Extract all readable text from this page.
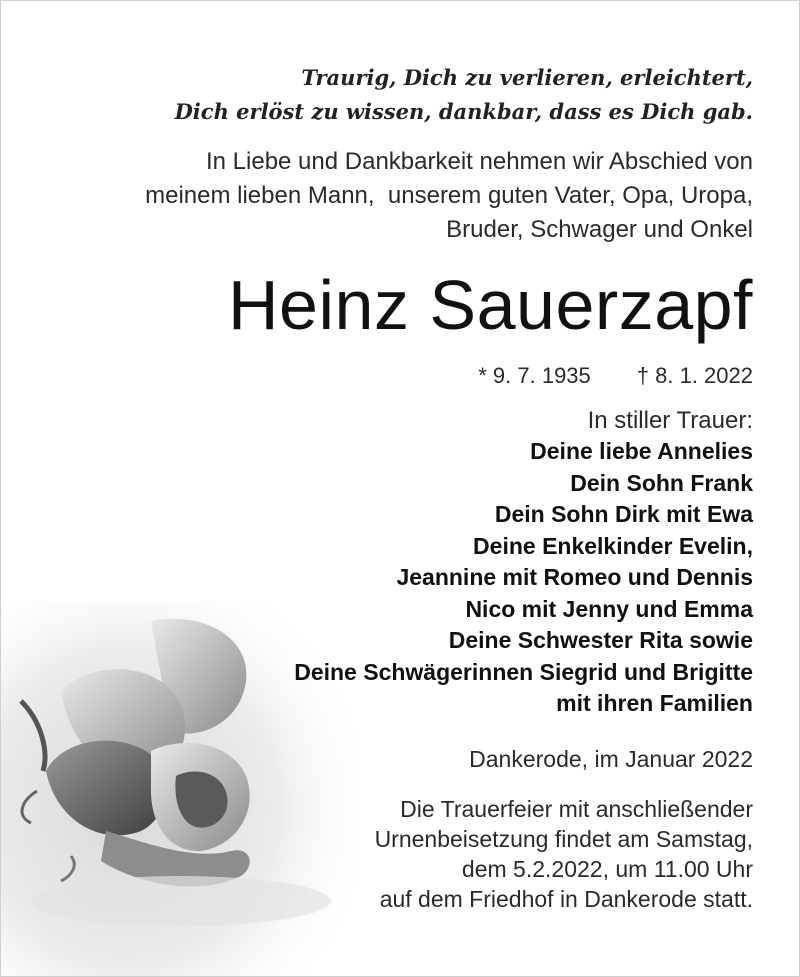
Traurig, Dich zu verlieren, erleichtert,
Dich erlöst zu wissen, dankbar, dass es Dich gab.
In Liebe und Dankbarkeit nehmen wir Abschied von
meinem lieben Mann,  unserem guten Vater, Opa, Uropa,
Bruder, Schwager und Onkel
Heinz Sauerzapf
* 9. 7. 1935 † 8. 1. 2022
In stiller Trauer:
Deine liebe Annelies
Dein Sohn Frank
Dein Sohn Dirk mit Ewa
Deine Enkelkinder Evelin,
Jeannine mit Romeo und Dennis
Nico mit Jenny und Emma
Deine Schwester Rita sowie
Deine Schwägerinnen Siegrid und Brigitte
mit ihren Familien
Dankerode, im Januar 2022
Die Trauerfeier mit anschließender
Urnenbeisetzung findet am Samstag,
dem 5.2.2022, um 11.00 Uhr
auf dem Friedhof in Dankerode statt.
